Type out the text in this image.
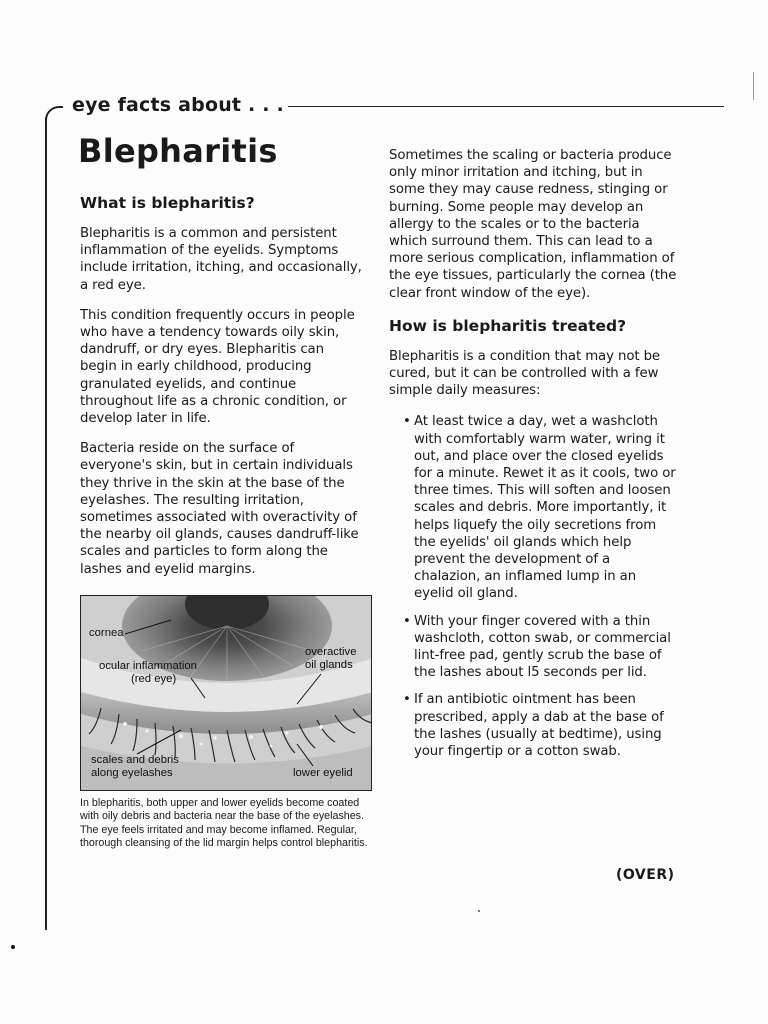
eye facts about . . .
Blepharitis
What is blepharitis?

Blepharitis is a common and persistent inflammation of the eyelids. Symptoms include irritation, itching, and occasionally, a red eye.

This condition frequently occurs in people who have a tendency towards oily skin, dandruff, or dry eyes. Blepharitis can begin in early childhood, producing granulated eyelids, and continue throughout life as a chronic condition, or develop later in life.

Bacteria reside on the surface of everyone's skin, but in certain individuals they thrive in the skin at the base of the eyelashes. The resulting irritation, sometimes associated with overactivity of the nearby oil glands, causes dandruff-like scales and particles to form along the lashes and eyelid margins.

cornea
ocular inflammation
(red eye)
overactive
oil glands
scales and debris
along eyelashes	lower eyelid

In blepharitis, both upper and lower eyelids become coated with oily debris and bacteria near the base of the eyelashes. The eye feels irritated and may become inflamed. Regular, thorough cleansing of the lid margin helps control blepharitis.

Sometimes the scaling or bacteria produce only minor irritation and itching, but in some they may cause redness, stinging or burning. Some people may develop an allergy to the scales or to the bacteria which surround them. This can lead to a more serious complication, inflammation of the eye tissues, particularly the cornea (the clear front window of the eye).

How is blepharitis treated?

Blepharitis is a condition that may not be cured, but it can be controlled with a few simple daily measures:

• At least twice a day, wet a washcloth with comfortably warm water, wring it out, and place over the closed eyelids for a minute. Rewet it as it cools, two or three times. This will soften and loosen scales and debris. More importantly, it helps liquefy the oily secretions from the eyelids' oil glands which help prevent the development of a chalazion, an inflamed lump in an eyelid oil gland.
• With your finger covered with a thin washcloth, cotton swab, or commercial lint-free pad, gently scrub the base of the lashes about l5 seconds per lid.
• If an antibiotic ointment has been prescribed, apply a dab at the base of the lashes (usually at bedtime), using your fingertip or a cotton swab.
(OVER)
